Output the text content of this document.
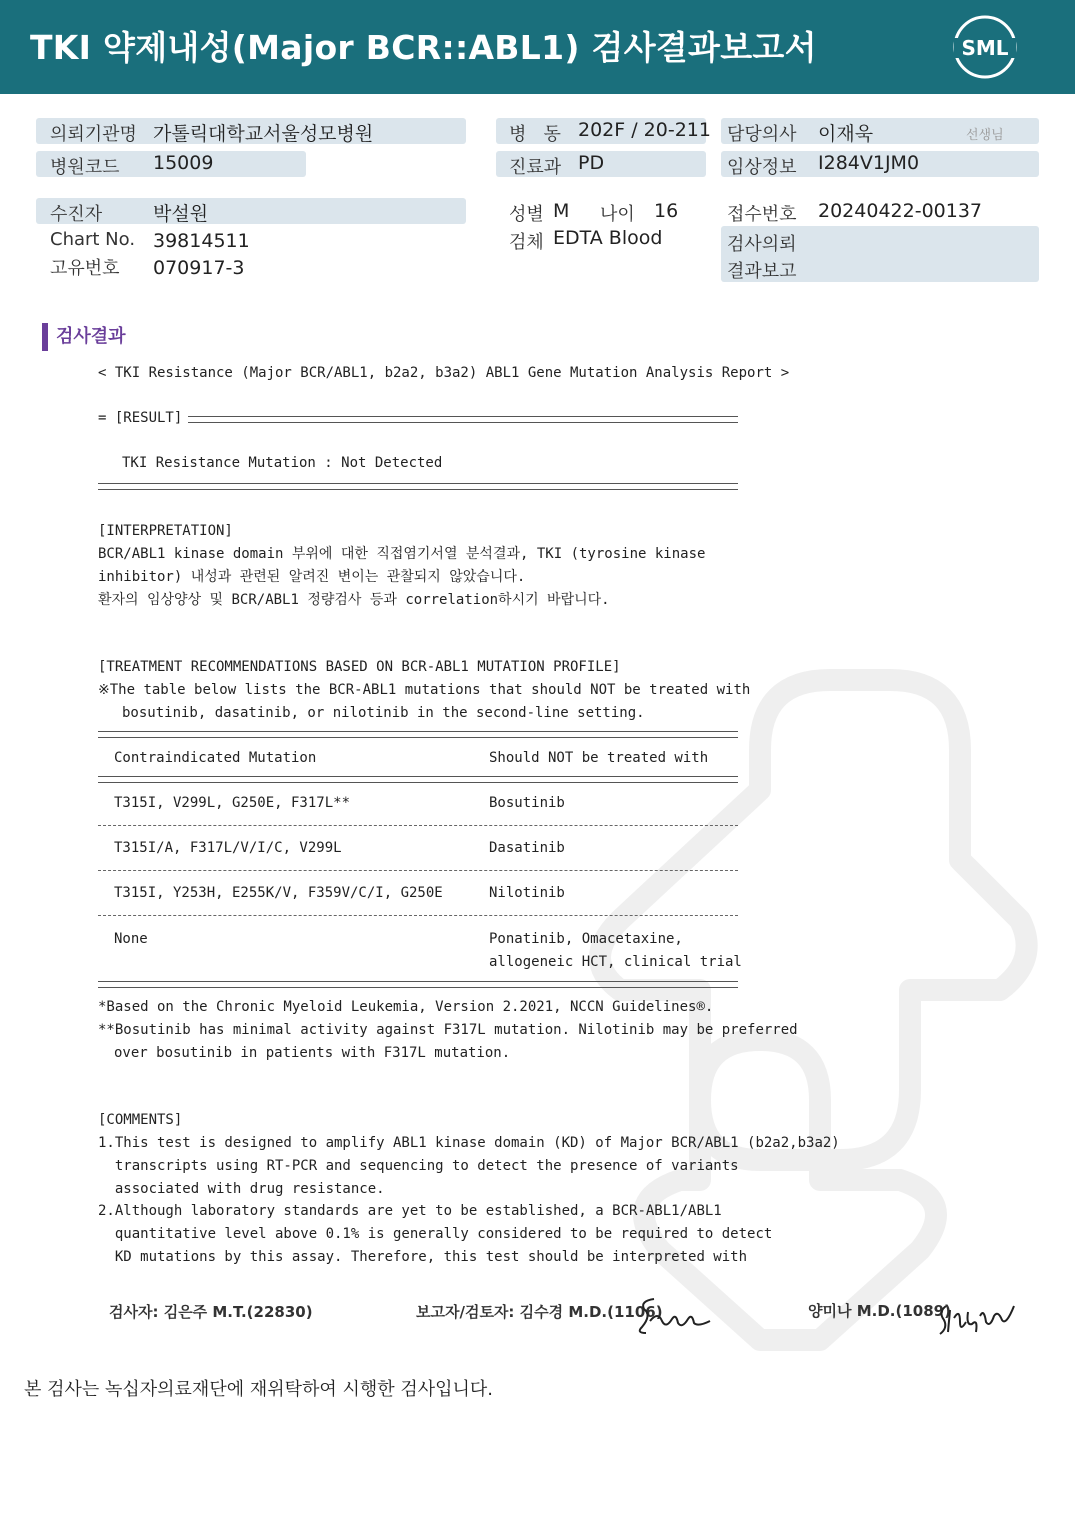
TKI 약제내성(Major BCR::ABL1) 검사결과보고서	SML
의뢰기관명 가톨릭대학교서울성모병원	병   동 202F / 20-211 담당의사 이재욱	선생님
병원코드 15009	진료과 PD	임상정보 I284V1JM0
수진자	박설원	성별 M 나이 16	접수번호 20240422-00137
Chart No. 39814511	검체 EDTA Blood	검사의뢰
결과보고
고유번호 070917-3
검사결과
< TKI Resistance (Major BCR/ABL1, b2a2, b3a2) ABL1 Gene Mutation Analysis Report >
= [RESULT]
TKI Resistance Mutation : Not Detected
[INTERPRETATION]
BCR/ABL1 kinase domain 부위에 대한 직접염기서열 분석결과, TKI (tyrosine kinase
inhibitor) 내성과 관련된 알려진 변이는 관찰되지 않았습니다.
환자의 임상양상 및 BCR/ABL1 정량검사 등과 correlation하시기 바랍니다.
[TREATMENT RECOMMENDATIONS BASED ON BCR-ABL1 MUTATION PROFILE]
※The table below lists the BCR-ABL1 mutations that should NOT be treated with
bosutinib, dasatinib, or nilotinib in the second-line setting.
Contraindicated Mutation	Should NOT be treated with
T315I, V299L, G250E, F317L**	Bosutinib
T315I/A, F317L/V/I/C, V299L	Dasatinib
T315I, Y253H, E255K/V, F359V/C/I, G250E	Nilotinib
None	Ponatinib, Omacetaxine,
allogeneic HCT, clinical trial
*Based on the Chronic Myeloid Leukemia, Version 2.2021, NCCN Guidelines®.
**Bosutinib has minimal activity against F317L mutation. Nilotinib may be preferred
over bosutinib in patients with F317L mutation.
[COMMENTS]
1.This test is designed to amplify ABL1 kinase domain (KD) of Major BCR/ABL1 (b2a2,b3a2)
transcripts using RT-PCR and sequencing to detect the presence of variants
associated with drug resistance.
2.Although laboratory standards are yet to be established, a BCR-ABL1/ABL1
quantitative level above 0.1% is generally considered to be required to detect
KD mutations by this assay. Therefore, this test should be interpreted with
검사자: 김은주 M.T.(22830)	보고자/검토자: 김수경 M.D.(1106)	양미나 M.D.(1089)
본 검사는 녹십자의료재단에 재위탁하여 시행한 검사입니다.
